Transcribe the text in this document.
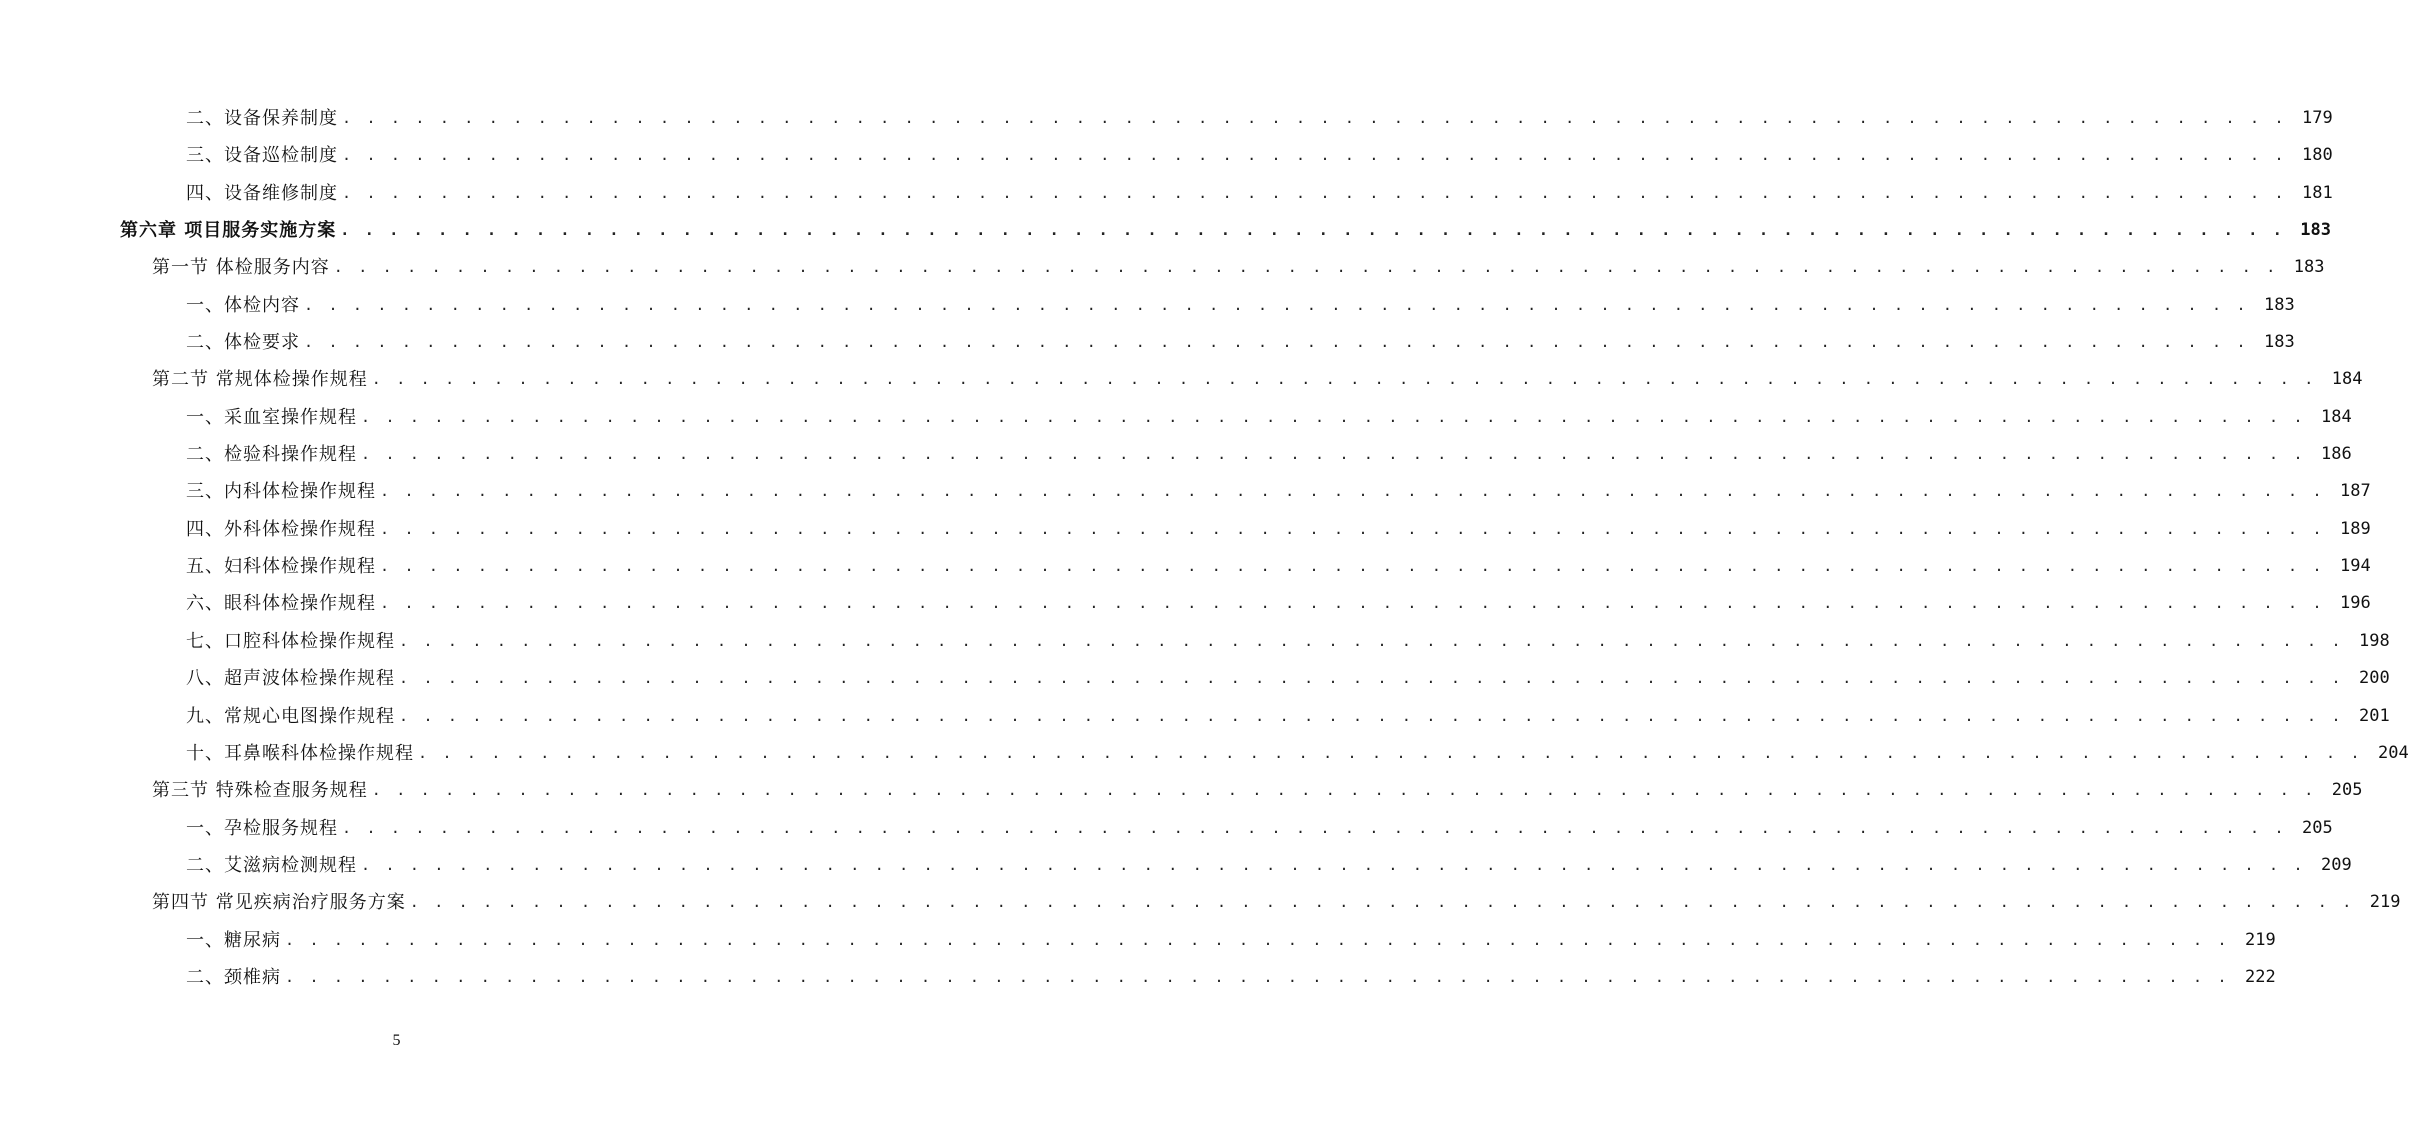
二、设备保养制度 . . . . . . . . . . . . . . . . . . . . . . . . . . . . . . . . . . . . . . . . . . . . . . . . . . . . . . . . . . . . . . . . . . . . . . . . . . . . . . . . 179
三、设备巡检制度 . . . . . . . . . . . . . . . . . . . . . . . . . . . . . . . . . . . . . . . . . . . . . . . . . . . . . . . . . . . . . . . . . . . . . . . . . . . . . . . . 180
四、设备维修制度 . . . . . . . . . . . . . . . . . . . . . . . . . . . . . . . . . . . . . . . . . . . . . . . . . . . . . . . . . . . . . . . . . . . . . . . . . . . . . . . . 181
第六章 项目服务实施方案 . . . . . . . . . . . . . . . . . . . . . . . . . . . . . . . . . . . . . . . . . . . . . . . . . . . . . . . . . . . . . . . . . . . . . . . . . . . . . . . . 183
第一节 体检服务内容 . . . . . . . . . . . . . . . . . . . . . . . . . . . . . . . . . . . . . . . . . . . . . . . . . . . . . . . . . . . . . . . . . . . . . . . . . . . . . . . . 183
一、体检内容 . . . . . . . . . . . . . . . . . . . . . . . . . . . . . . . . . . . . . . . . . . . . . . . . . . . . . . . . . . . . . . . . . . . . . . . . . . . . . . . . 183
二、体检要求 . . . . . . . . . . . . . . . . . . . . . . . . . . . . . . . . . . . . . . . . . . . . . . . . . . . . . . . . . . . . . . . . . . . . . . . . . . . . . . . . 183
第二节 常规体检操作规程 . . . . . . . . . . . . . . . . . . . . . . . . . . . . . . . . . . . . . . . . . . . . . . . . . . . . . . . . . . . . . . . . . . . . . . . . . . . . . . . . 184
一、采血室操作规程 . . . . . . . . . . . . . . . . . . . . . . . . . . . . . . . . . . . . . . . . . . . . . . . . . . . . . . . . . . . . . . . . . . . . . . . . . . . . . . . . 184
二、检验科操作规程 . . . . . . . . . . . . . . . . . . . . . . . . . . . . . . . . . . . . . . . . . . . . . . . . . . . . . . . . . . . . . . . . . . . . . . . . . . . . . . . . 186
三、内科体检操作规程 . . . . . . . . . . . . . . . . . . . . . . . . . . . . . . . . . . . . . . . . . . . . . . . . . . . . . . . . . . . . . . . . . . . . . . . . . . . . . . . . 187
四、外科体检操作规程 . . . . . . . . . . . . . . . . . . . . . . . . . . . . . . . . . . . . . . . . . . . . . . . . . . . . . . . . . . . . . . . . . . . . . . . . . . . . . . . . 189
五、妇科体检操作规程 . . . . . . . . . . . . . . . . . . . . . . . . . . . . . . . . . . . . . . . . . . . . . . . . . . . . . . . . . . . . . . . . . . . . . . . . . . . . . . . . 194
六、眼科体检操作规程 . . . . . . . . . . . . . . . . . . . . . . . . . . . . . . . . . . . . . . . . . . . . . . . . . . . . . . . . . . . . . . . . . . . . . . . . . . . . . . . . 196
七、口腔科体检操作规程 . . . . . . . . . . . . . . . . . . . . . . . . . . . . . . . . . . . . . . . . . . . . . . . . . . . . . . . . . . . . . . . . . . . . . . . . . . . . . . . . 198
八、超声波体检操作规程 . . . . . . . . . . . . . . . . . . . . . . . . . . . . . . . . . . . . . . . . . . . . . . . . . . . . . . . . . . . . . . . . . . . . . . . . . . . . . . . . 200
九、常规心电图操作规程 . . . . . . . . . . . . . . . . . . . . . . . . . . . . . . . . . . . . . . . . . . . . . . . . . . . . . . . . . . . . . . . . . . . . . . . . . . . . . . . . 201
十、耳鼻喉科体检操作规程 . . . . . . . . . . . . . . . . . . . . . . . . . . . . . . . . . . . . . . . . . . . . . . . . . . . . . . . . . . . . . . . . . . . . . . . . . . . . . . . . 204
第三节 特殊检查服务规程 . . . . . . . . . . . . . . . . . . . . . . . . . . . . . . . . . . . . . . . . . . . . . . . . . . . . . . . . . . . . . . . . . . . . . . . . . . . . . . . . 205
一、孕检服务规程 . . . . . . . . . . . . . . . . . . . . . . . . . . . . . . . . . . . . . . . . . . . . . . . . . . . . . . . . . . . . . . . . . . . . . . . . . . . . . . . . 205
二、艾滋病检测规程 . . . . . . . . . . . . . . . . . . . . . . . . . . . . . . . . . . . . . . . . . . . . . . . . . . . . . . . . . . . . . . . . . . . . . . . . . . . . . . . . 209
第四节 常见疾病治疗服务方案 . . . . . . . . . . . . . . . . . . . . . . . . . . . . . . . . . . . . . . . . . . . . . . . . . . . . . . . . . . . . . . . . . . . . . . . . . . . . . . . . 219
一、糖尿病 . . . . . . . . . . . . . . . . . . . . . . . . . . . . . . . . . . . . . . . . . . . . . . . . . . . . . . . . . . . . . . . . . . . . . . . . . . . . . . . . 219
二、颈椎病 . . . . . . . . . . . . . . . . . . . . . . . . . . . . . . . . . . . . . . . . . . . . . . . . . . . . . . . . . . . . . . . . . . . . . . . . . . . . . . . . 222
5
